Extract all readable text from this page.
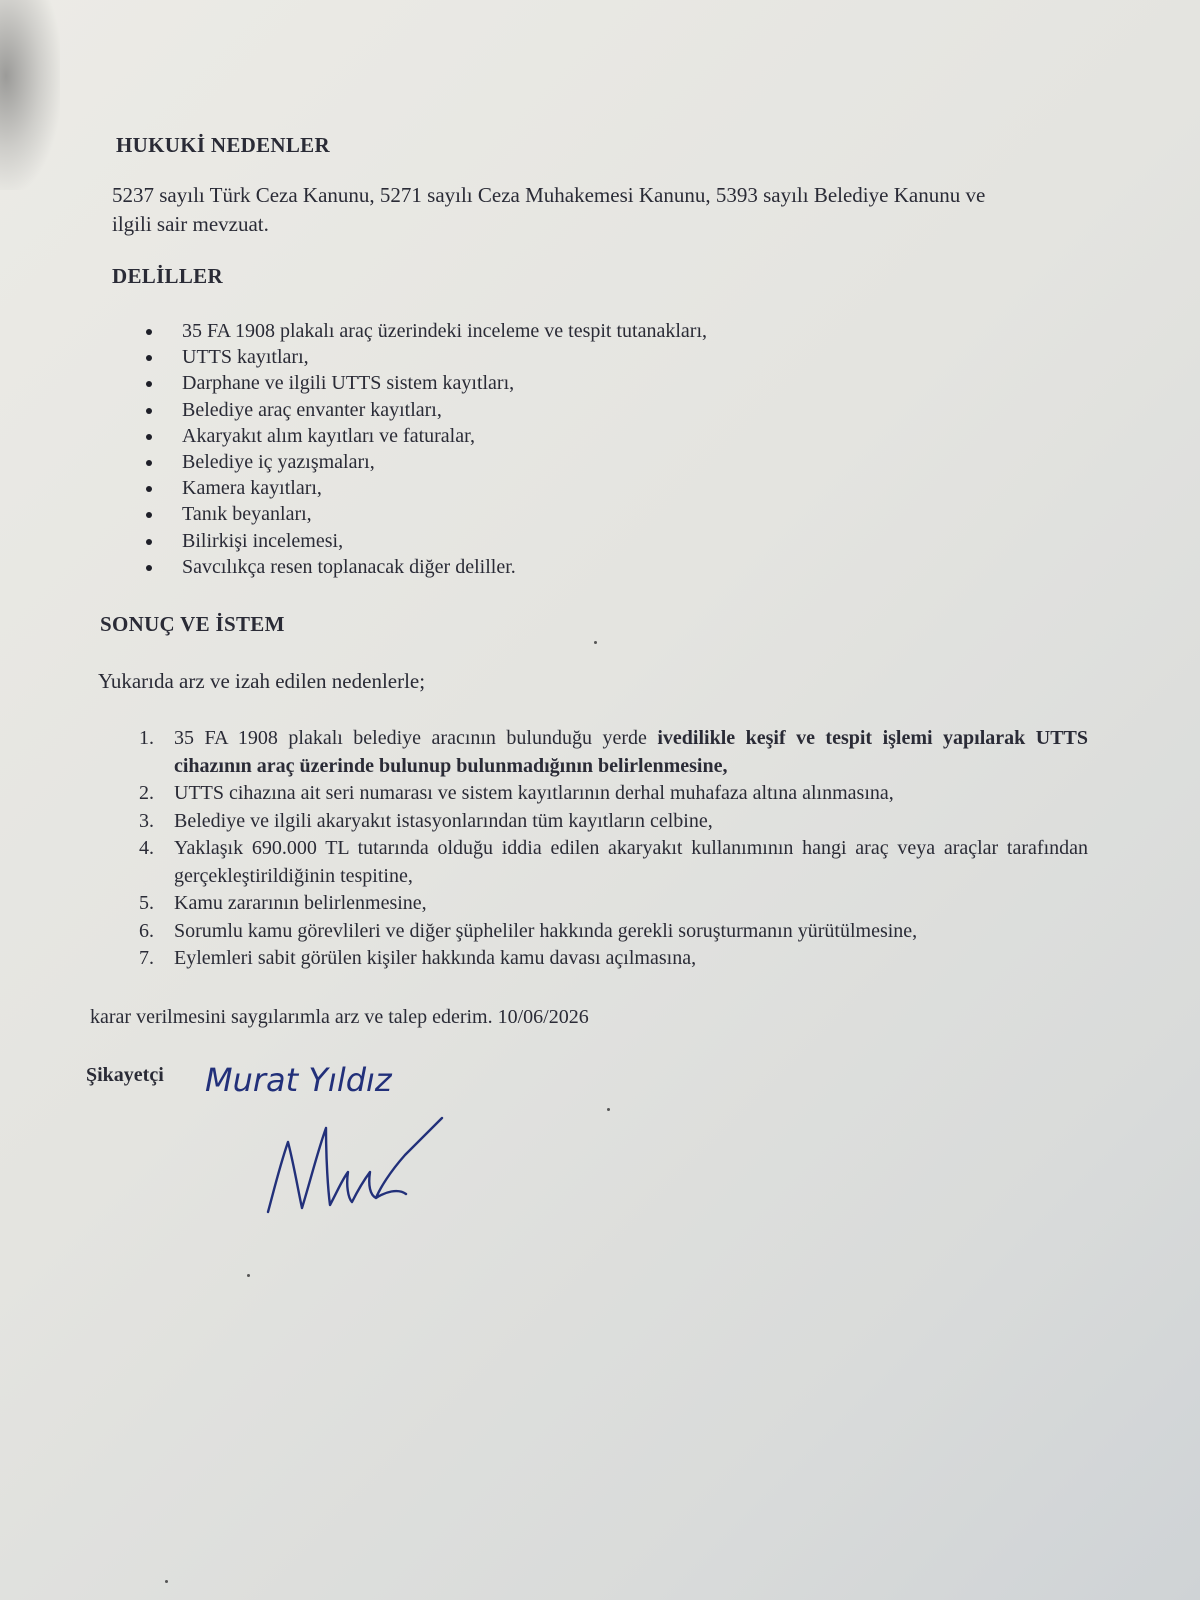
HUKUKİ NEDENLER

5237 sayılı Türk Ceza Kanunu, 5271 sayılı Ceza Muhakemesi Kanunu, 5393 sayılı Belediye Kanunu ve

ilgili sair mevzuat.

DELİLLER
35 FA 1908 plakalı araç üzerindeki inceleme ve tespit tutanakları,
UTTS kayıtları,
Darphane ve ilgili UTTS sistem kayıtları,
Belediye araç envanter kayıtları,
Akaryakıt alım kayıtları ve faturalar,
Belediye iç yazışmaları,
Kamera kayıtları,
Tanık beyanları,
Bilirkişi incelemesi,
Savcılıkça resen toplanacak diğer deliller.
SONUÇ VE İSTEM

Yukarıda arz ve izah edilen nedenlerle;

1. 35 FA 1908 plakalı belediye aracının bulunduğu yerde ivedilikle keşif ve tespit işlemi yapılarak UTTS cihazının araç üzerinde bulunup bulunmadığının belirlenmesine,
2. UTTS cihazına ait seri numarası ve sistem kayıtlarının derhal muhafaza altına alınmasına,
3. Belediye ve ilgili akaryakıt istasyonlarından tüm kayıtların celbine,
4. Yaklaşık 690.000 TL tutarında olduğu iddia edilen akaryakıt kullanımının hangi araç veya araçlar tarafından gerçekleştirildiğinin tespitine,
5. Kamu zararının belirlenmesine,
6. Sorumlu kamu görevlileri ve diğer şüpheliler hakkında gerekli soruşturmanın yürütülmesine,
7. Eylemleri sabit görülen kişiler hakkında kamu davası açılmasına,

karar verilmesini saygılarımla arz ve talep ederim. 10/06/2026

Şikayetçi Murat Yıldız
